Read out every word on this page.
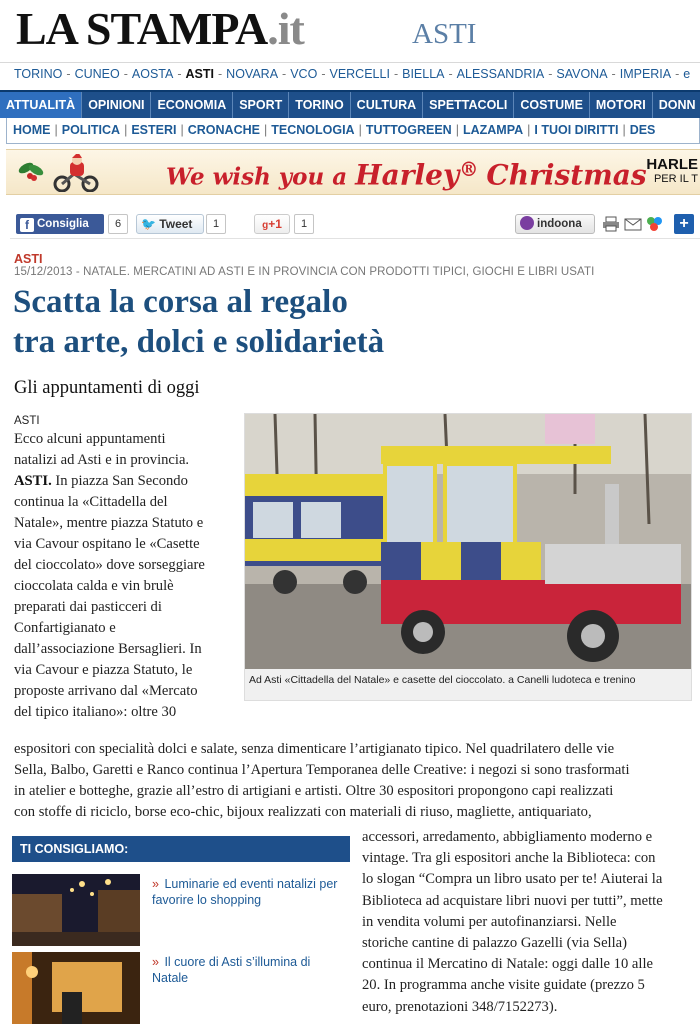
LA STAMPA.it	ASTI
TORINO - CUNEO - AOSTA - ASTI - NOVARA - VCO - VERCELLI - BIELLA - ALESSANDRIA - SAVONA - IMPERIA - e
ATTUALITÀ OPINIONI ECONOMIA SPORT TORINO CULTURA SPETTACOLI COSTUME MOTORI DONN
HOME | POLITICA | ESTERI | CRONACHE | TECNOLOGIA | TUTTOGREEN | LAZAMPA | I TUOI DIRITTI | DES
We wish you a Harley® Christmas HARLE
PER IL T
f Consiglia	6	🐦 Tweet	1	g+1	1	indoona	+
ASTI
15/12/2013 - NATALE. MERCATINI AD ASTI E IN PROVINCIA CON PRODOTTI TIPICI, GIOCHI E LIBRI USATI
Scatta la corsa al regalo
tra arte, dolci e solidarietà
Gli appuntamenti di oggi
ASTI
Ecco alcuni appuntamenti
natalizi ad Asti e in provincia.
ASTI. In piazza San Secondo
continua la «Cittadella del
Natale», mentre piazza Statuto e
via Cavour ospitano le «Casette
del cioccolato» dove sorseggiare
cioccolata calda e vin brulè
preparati dai pasticceri di
Confartigianato e
dall’associazione Bersaglieri. In
via Cavour e piazza Statuto, le
proposte arrivano dal «Mercato
del tipico italiano»: oltre 30
Ad Asti «Cittadella del Natale» e casette del cioccolato. a Canelli ludoteca e trenino
espositori con specialità dolci e salate, senza dimenticare l’artigianato tipico. Nel quadrilatero delle vie
Sella, Balbo, Garetti e Ranco continua l’Apertura Temporanea delle Creative: i negozi si sono trasformati
in atelier e botteghe, grazie all’estro di artigiani e artisti. Oltre 30 espositori propongono capi realizzati
con stoffe di riciclo, borse eco-chic, bijoux realizzati con materiali di riuso, magliette, antiquariato,
TI CONSIGLIAMO:
» Luminarie ed eventi natalizi per favorire lo shopping
» Il cuore di Asti s’illumina di Natale
accessori, arredamento, abbigliamento moderno e
vintage. Tra gli espositori anche la Biblioteca: con
lo slogan “Compra un libro usato per te! Aiuterai la
Biblioteca ad acquistare libri nuovi per tutti”, mette
in vendita volumi per autofinanziarsi. Nelle
storiche cantine di palazzo Gazelli (via Sella)
continua il Mercatino di Natale: oggi dalle 10 alle
20. In programma anche visite guidate (prezzo 5
euro, prenotazioni 348/7152273).
